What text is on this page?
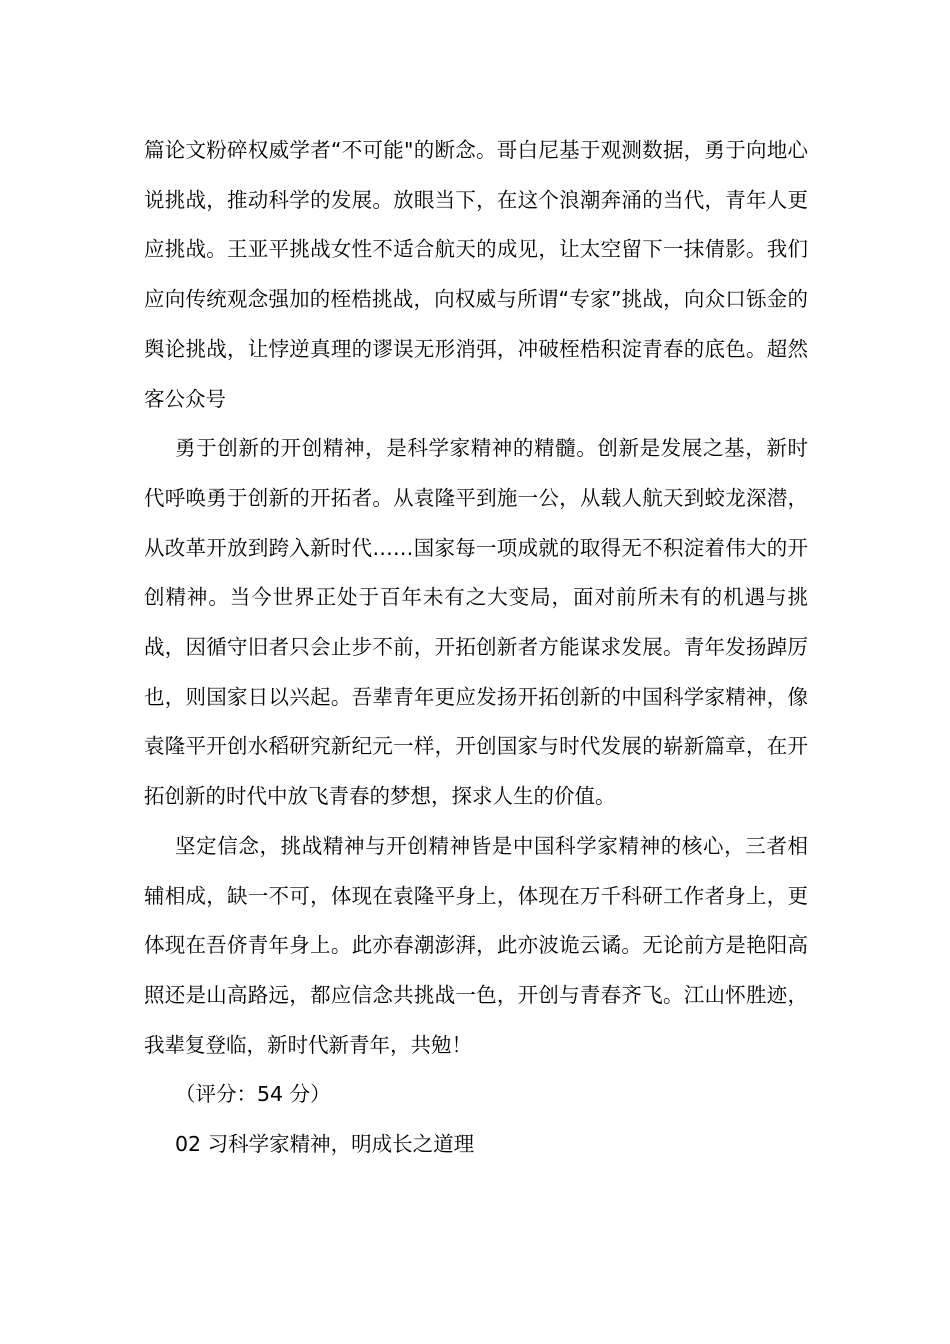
篇论文粉碎权威学者“不可能"的断念。哥白尼基于观测数据，勇于向地心说挑战，推动科学的发展。放眼当下，在这个浪潮奔涌的当代，青年人更应挑战。王亚平挑战女性不适合航天的成见，让太空留下一抹倩影。我们应向传统观念强加的桎梏挑战，向权威与所谓“专家”挑战，向众口铄金的舆论挑战，让悖逆真理的谬误无形消弭，冲破桎梏积淀青春的底色。超然客公众号

勇于创新的开创精神，是科学家精神的精髓。创新是发展之基，新时代呼唤勇于创新的开拓者。从袁隆平到施一公，从载人航天到蛟龙深潜，从改革开放到跨入新时代……国家每一项成就的取得无不积淀着伟大的开创精神。当今世界正处于百年未有之大变局，面对前所未有的机遇与挑战，因循守旧者只会止步不前，开拓创新者方能谋求发展。青年发扬踔厉也，则国家日以兴起。吾辈青年更应发扬开拓创新的中国科学家精神，像袁隆平开创水稻研究新纪元一样，开创国家与时代发展的崭新篇章，在开拓创新的时代中放飞青春的梦想，探求人生的价值。

坚定信念，挑战精神与开创精神皆是中国科学家精神的核心，三者相辅相成，缺一不可，体现在袁隆平身上，体现在万千科研工作者身上，更体现在吾侪青年身上。此亦春潮澎湃，此亦波诡云谲。无论前方是艳阳高照还是山高路远，都应信念共挑战一色，开创与青春齐飞。江山怀胜迹，我辈复登临，新时代新青年，共勉！

（评分：54 分）

02 习科学家精神，明成长之道理
